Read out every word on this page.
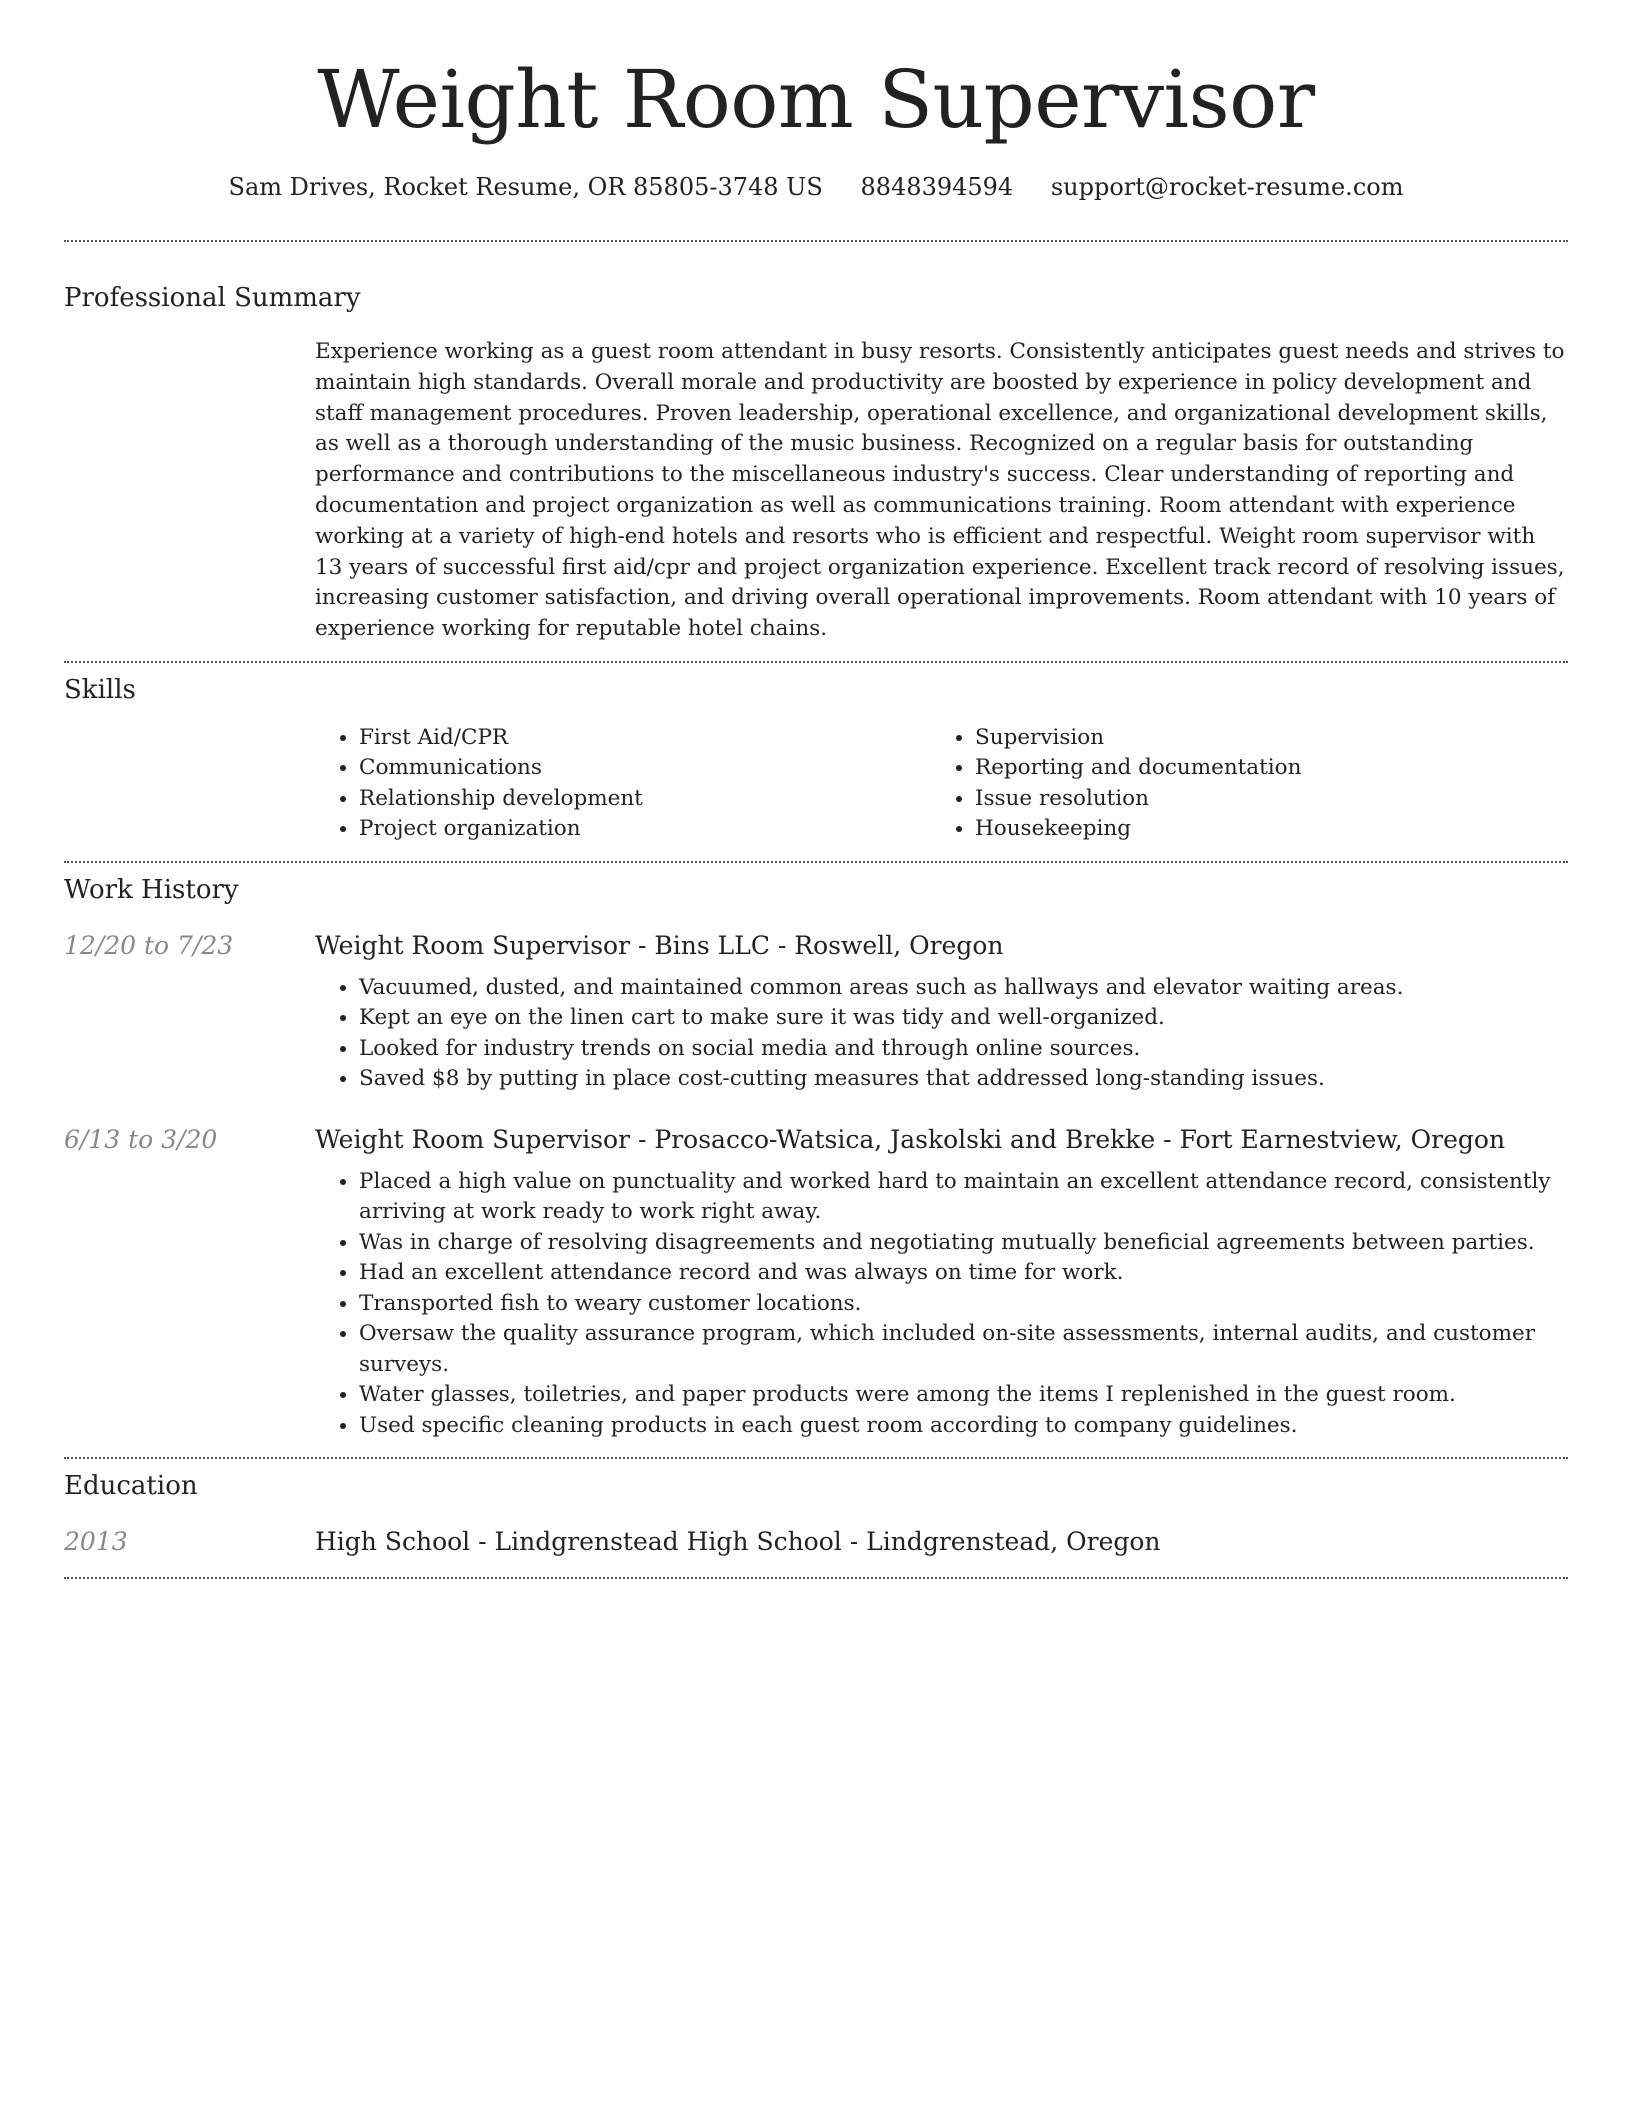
Weight Room Supervisor
Sam Drives, Rocket Resume, OR 85805-3748 US 8848394594 support@rocket-resume.com
Professional Summary

Experience working as a guest room attendant in busy resorts. Consistently anticipates guest needs and strives to maintain high standards. Overall morale and productivity are boosted by experience in policy development and staff management procedures. Proven leadership, operational excellence, and organizational development skills, as well as a thorough understanding of the music business. Recognized on a regular basis for outstanding performance and contributions to the miscellaneous industry's success. Clear understanding of reporting and documentation and project organization as well as communications training. Room attendant with experience working at a variety of high-end hotels and resorts who is efficient and respectful. Weight room supervisor with 13 years of successful first aid/cpr and project organization experience. Excellent track record of resolving issues, increasing customer satisfaction, and driving overall operational improvements. Room attendant with 10 years of experience working for reputable hotel chains.

Skills
• First Aid/CPR
• Communications
• Relationship development
• Project organization
• Supervision
• Reporting and documentation
• Issue resolution
• Housekeeping
Work History
12/20 to 7/23	Weight Room Supervisor - Bins LLC - Roswell, Oregon
• Vacuumed, dusted, and maintained common areas such as hallways and elevator waiting areas.
• Kept an eye on the linen cart to make sure it was tidy and well-organized.
• Looked for industry trends on social media and through online sources.
• Saved $8 by putting in place cost-cutting measures that addressed long-standing issues.
6/13 to 3/20	Weight Room Supervisor - Prosacco-Watsica, Jaskolski and Brekke - Fort Earnestview, Oregon
• Placed a high value on punctuality and worked hard to maintain an excellent attendance record, consistently arriving at work ready to work right away.
• Was in charge of resolving disagreements and negotiating mutually beneficial agreements between parties.
• Had an excellent attendance record and was always on time for work.
• Transported fish to weary customer locations.
• Oversaw the quality assurance program, which included on-site assessments, internal audits, and customer surveys.
• Water glasses, toiletries, and paper products were among the items I replenished in the guest room.
• Used specific cleaning products in each guest room according to company guidelines.
Education
2013	High School - Lindgrenstead High School - Lindgrenstead, Oregon
